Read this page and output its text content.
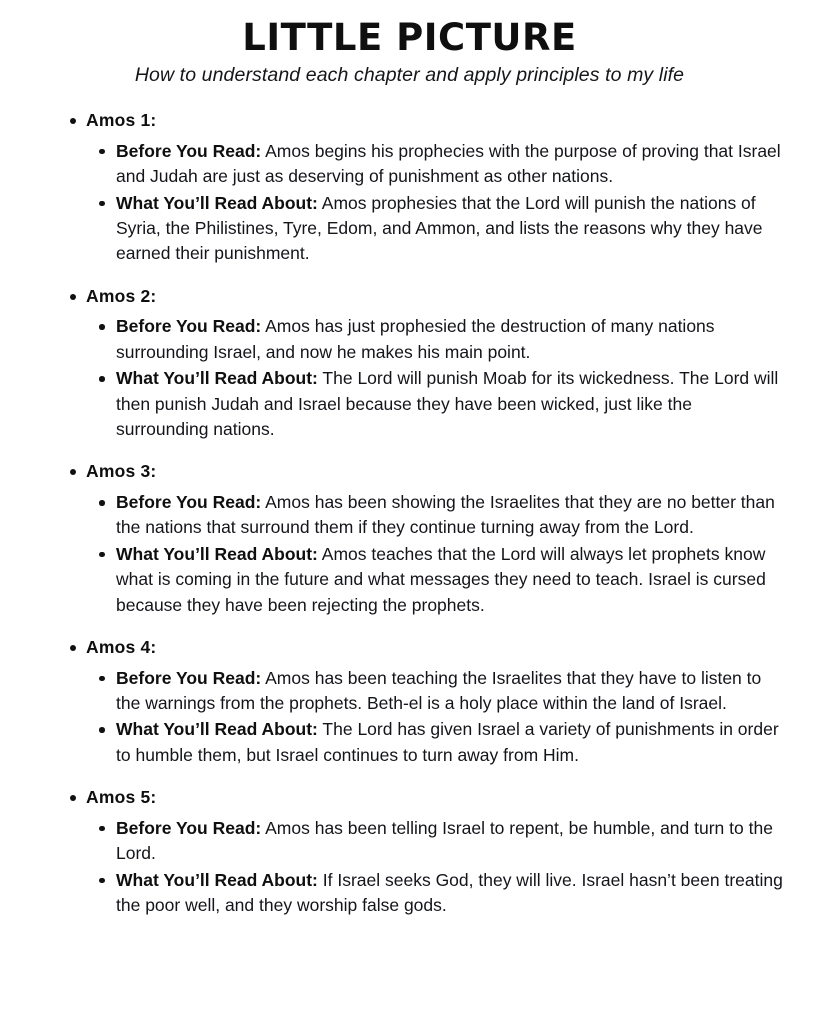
LITTLE PICTURE

How to understand each chapter and apply principles to my life

Amos 1:
Before You Read: Amos begins his prophecies with the purpose of proving that Israel and Judah are just as deserving of punishment as other nations.
What You’ll Read About: Amos prophesies that the Lord will punish the nations of Syria, the Philistines, Tyre, Edom, and Ammon, and lists the reasons why they have earned their punishment.
Amos 2:
Before You Read: Amos has just prophesied the destruction of many nations surrounding Israel, and now he makes his main point.
What You’ll Read About: The Lord will punish Moab for its wickedness. The Lord will then punish Judah and Israel because they have been wicked, just like the surrounding nations.
Amos 3:
Before You Read: Amos has been showing the Israelites that they are no better than the nations that surround them if they continue turning away from the Lord.
What You’ll Read About: Amos teaches that the Lord will always let prophets know what is coming in the future and what messages they need to teach. Israel is cursed because they have been rejecting the prophets.
Amos 4:
Before You Read: Amos has been teaching the Israelites that they have to listen to the warnings from the prophets. Beth-el is a holy place within the land of Israel.
What You’ll Read About: The Lord has given Israel a variety of punishments in order to humble them, but Israel continues to turn away from Him.
Amos 5:
Before You Read: Amos has been telling Israel to repent, be humble, and turn to the Lord.
What You’ll Read About: If Israel seeks God, they will live. Israel hasn’t been treating the poor well, and they worship false gods.
